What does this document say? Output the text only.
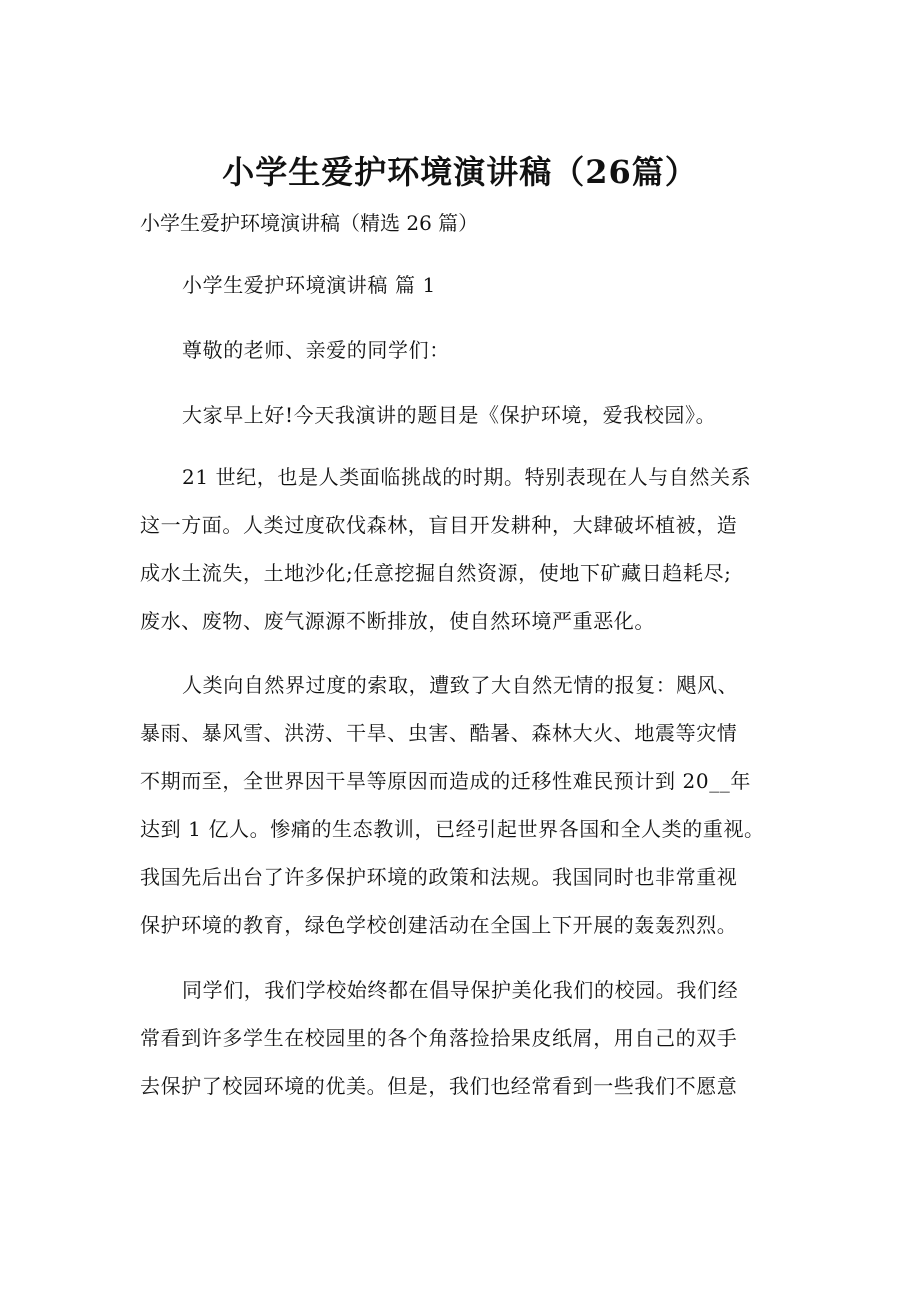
小学生爱护环境演讲稿（26篇）
小学生爱护环境演讲稿（精选 26 篇）
小学生爱护环境演讲稿 篇 1
尊敬的老师、亲爱的同学们：
大家早上好!今天我演讲的题目是《保护环境，爱我校园》。
21 世纪，也是人类面临挑战的时期。特别表现在人与自然关系
这一方面。人类过度砍伐森林，盲目开发耕种，大肆破坏植被，造
成水土流失，土地沙化;任意挖掘自然资源，使地下矿藏日趋耗尽;
废水、废物、废气源源不断排放，使自然环境严重恶化。
人类向自然界过度的索取，遭致了大自然无情的报复：飓风、
暴雨、暴风雪、洪涝、干旱、虫害、酷暑、森林大火、地震等灾情
不期而至，全世界因干旱等原因而造成的迁移性难民预计到 20__年
达到 1 亿人。惨痛的生态教训，已经引起世界各国和全人类的重视。
我国先后出台了许多保护环境的政策和法规。我国同时也非常重视
保护环境的教育，绿色学校创建活动在全国上下开展的轰轰烈烈。
同学们，我们学校始终都在倡导保护美化我们的校园。我们经
常看到许多学生在校园里的各个角落捡拾果皮纸屑，用自己的双手
去保护了校园环境的优美。但是，我们也经常看到一些我们不愿意
